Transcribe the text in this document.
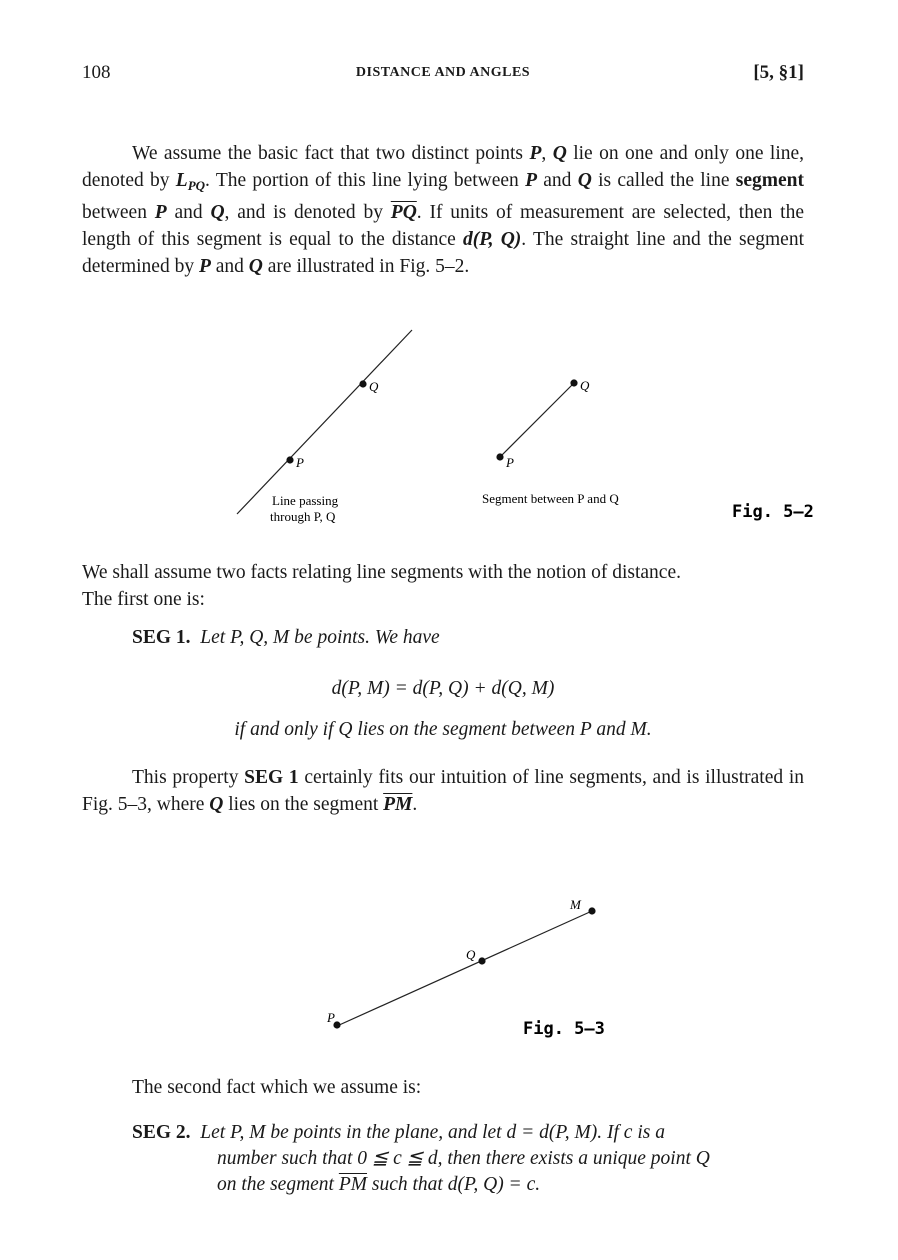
108	DISTANCE AND ANGLES	[5, §1]

We assume the basic fact that two distinct points P, Q lie on one and only one line, denoted by $L_{PQ}$. The portion of this line lying between P and Q is called the line segment between P and Q, and is denoted by $\overline{PQ}$. If units of measurement are selected, then the length of this segment is equal to the distance d(P, Q). The straight line and the segment determined by P and Q are illustrated in Fig. 5–2.

Q
P
Line passing
through P, Q
Q
P
Segment between P and Q
Fig. 5–2
We shall assume two facts relating line segments with the notion of distance.
The first one is:
SEG 1. Let P, Q, M be points. We have
d(P, M) = d(P, Q) + d(Q, M)
if and only if Q lies on the segment between P and M.

This property SEG 1 certainly fits our intuition of line segments, and is illustrated in Fig. 5–3, where Q lies on the segment $\overline{PM}$.

P
Q
M
Fig. 5–3
The second fact which we assume is:
SEG 2. Let P, M be points in the plane, and let d = d(P, M). If c is a
number such that 0 ≦ c ≦ d, then there exists a unique point Q
on the segment $\overline{PM}$ such that d(P, Q) = c.
